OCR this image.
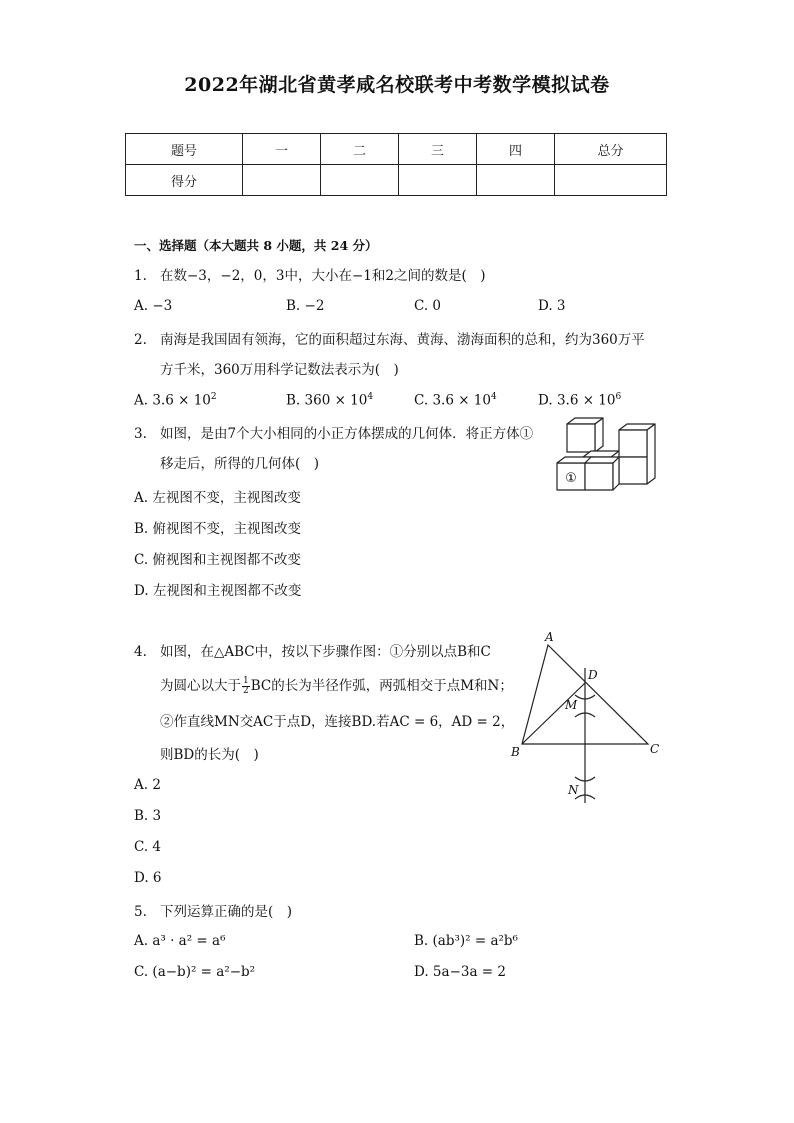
2022年湖北省黄孝咸名校联考中考数学模拟试卷
题号	一	二	三	四	总分
得分					
一、选择题（本大题共 8 小题，共 24 分）
1. 在数−3，−2，0，3中，大小在−1和2之间的数是(　)
A. −3	B. −2	C. 0	D. 3
2. 南海是我国固有领海，它的面积超过东海、黄海、渤海面积的总和，约为360万平
方千米，360万用科学记数法表示为(　)
A. $3.6 \times 10^2$	B. $360 \times 10^4$	C. $3.6 \times 10^4$	D. $3.6 \times 10^6$
3. 如图，是由7个大小相同的小正方体摆成的几何体．将正方体①
移走后，所得的几何体(　)
A. 左视图不变，主视图改变
B. 俯视图不变，主视图改变
C. 俯视图和主视图都不改变
D. 左视图和主视图都不改变
①
4. 如图，在△ABC中，按以下步骤作图：①分别以点B和C
为圆心以大于 $\frac{1}{2}$ BC的长为半径作弧，两弧相交于点M和N；
②作直线MN交AC于点D，连接BD.若AC = 6，AD = 2，
则BD的长为(　)
A. 2
B. 3
C. 4
D. 6
A
B	C
D
M
N
5. 下列运算正确的是(　)
A. a³ · a² = a⁶	B. (ab³)² = a²b⁶
C. (a−b)² = a²−b²	D. 5a−3a = 2
